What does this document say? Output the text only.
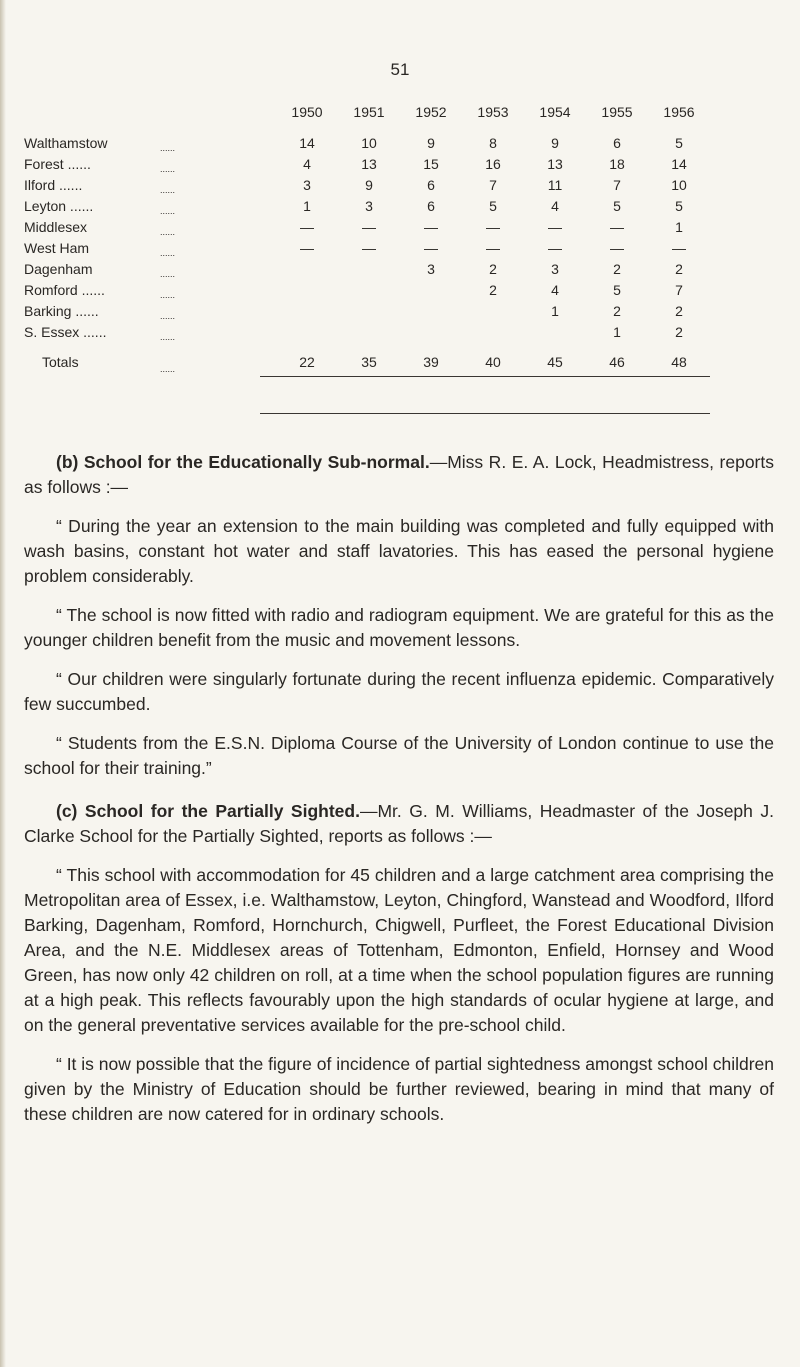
51
		1950	1951	1952	1953	1954	1955	1956
Walthamstow	......	14	10	9	8	9	6	5
Forest ......	......	4	13	15	16	13	18	14
Ilford ......	......	3	9	6	7	11	7	10
Leyton ......	......	1	3	6	5	4	5	5
Middlesex	......	—	—	—	—	—	—	1
West Ham	......	—	—	—	—	—	—	—
Dagenham	......			3	2	3	2	2
Romford ......	......				2	4	5	7
Barking ......	......					1	2	2
S. Essex ......	......						1	2
Totals	......	22	35	39	40	45	46	48

(b) School for the Educationally Sub-normal.—Miss R. E. A. Lock, Headmistress, reports as follows :—

“ During the year an extension to the main building was completed and fully equipped with wash basins, constant hot water and staff lavatories. This has eased the personal hygiene problem considerably.

“ The school is now fitted with radio and radiogram equipment. We are grateful for this as the younger children benefit from the music and movement lessons.

“ Our children were singularly fortunate during the recent influenza epidemic. Comparatively few succumbed.

“ Students from the E.S.N. Diploma Course of the University of London continue to use the school for their training.”

(c) School for the Partially Sighted.—Mr. G. M. Williams, Headmaster of the Joseph J. Clarke School for the Partially Sighted, reports as follows :—

“ This school with accommodation for 45 children and a large catchment area comprising the Metropolitan area of Essex, i.e. Walthamstow, Leyton, Chingford, Wanstead and Woodford, Ilford Barking, Dagenham, Romford, Hornchurch, Chigwell, Purfleet, the Forest Educational Division Area, and the N.E. Middlesex areas of Tottenham, Edmonton, Enfield, Hornsey and Wood Green, has now only 42 children on roll, at a time when the school population figures are running at a high peak. This reflects favourably upon the high standards of ocular hygiene at large, and on the general preventative services available for the pre-school child.

“ It is now possible that the figure of incidence of partial sightedness amongst school children given by the Ministry of Education should be further reviewed, bearing in mind that many of these children are now catered for in ordinary schools.
